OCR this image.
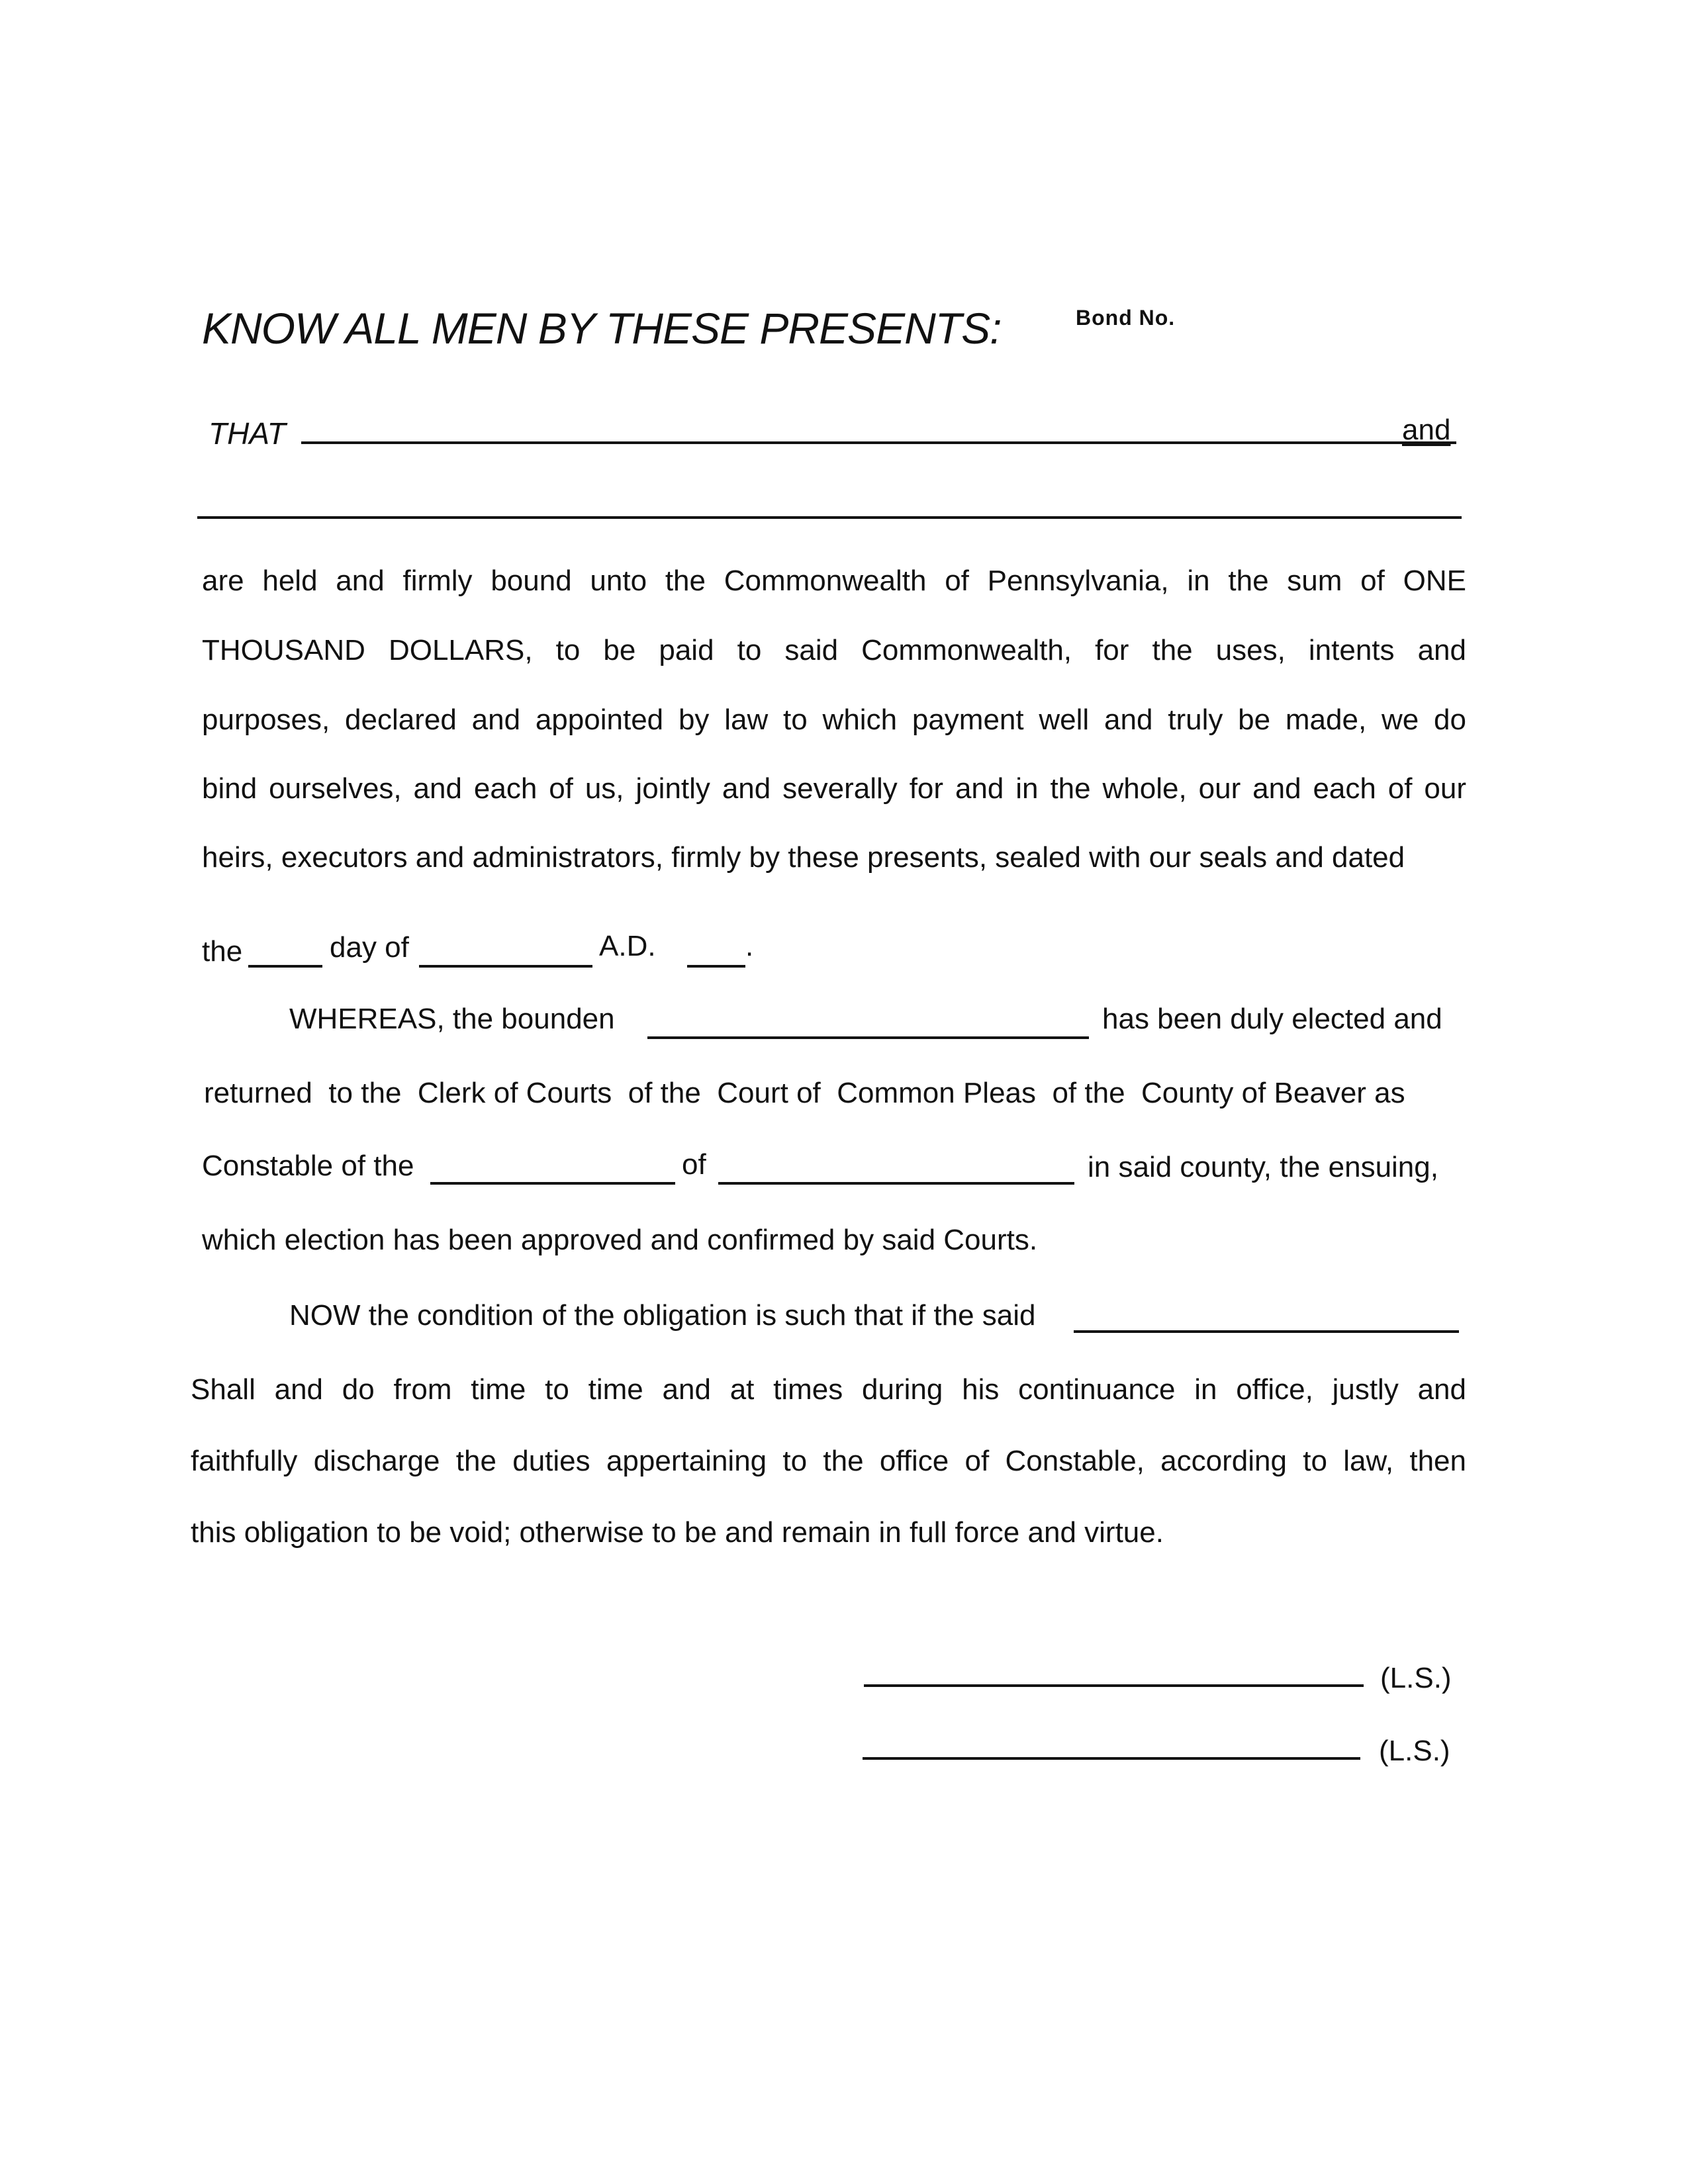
KNOW ALL MEN BY THESE PRESENTS:	Bond No.
THAT	and
are held and firmly bound unto the Commonwealth of Pennsylvania, in the sum of ONE
THOUSAND DOLLARS, to be paid to said Commonwealth, for the uses, intents and
purposes, declared and appointed by law to which payment well and truly be made, we do
bind ourselves, and each of us, jointly and severally for and in the whole, our and each of our
heirs, executors and administrators, firmly by these presents, sealed with our seals and dated
the	day of	A.D.	.
WHEREAS, the bounden	has been duly elected and
returned  to the  Clerk of Courts  of the  Court of  Common Pleas  of the  County of Beaver as
Constable of the	of	in said county, the ensuing,
which election has been approved and confirmed by said Courts.
NOW the condition of the obligation is such that if the said
Shall and do from time to time and at times during his continuance in office, justly and
faithfully discharge the duties appertaining to the office of Constable, according to law, then
this obligation to be void; otherwise to be and remain in full force and virtue.
(L.S.)
(L.S.)
